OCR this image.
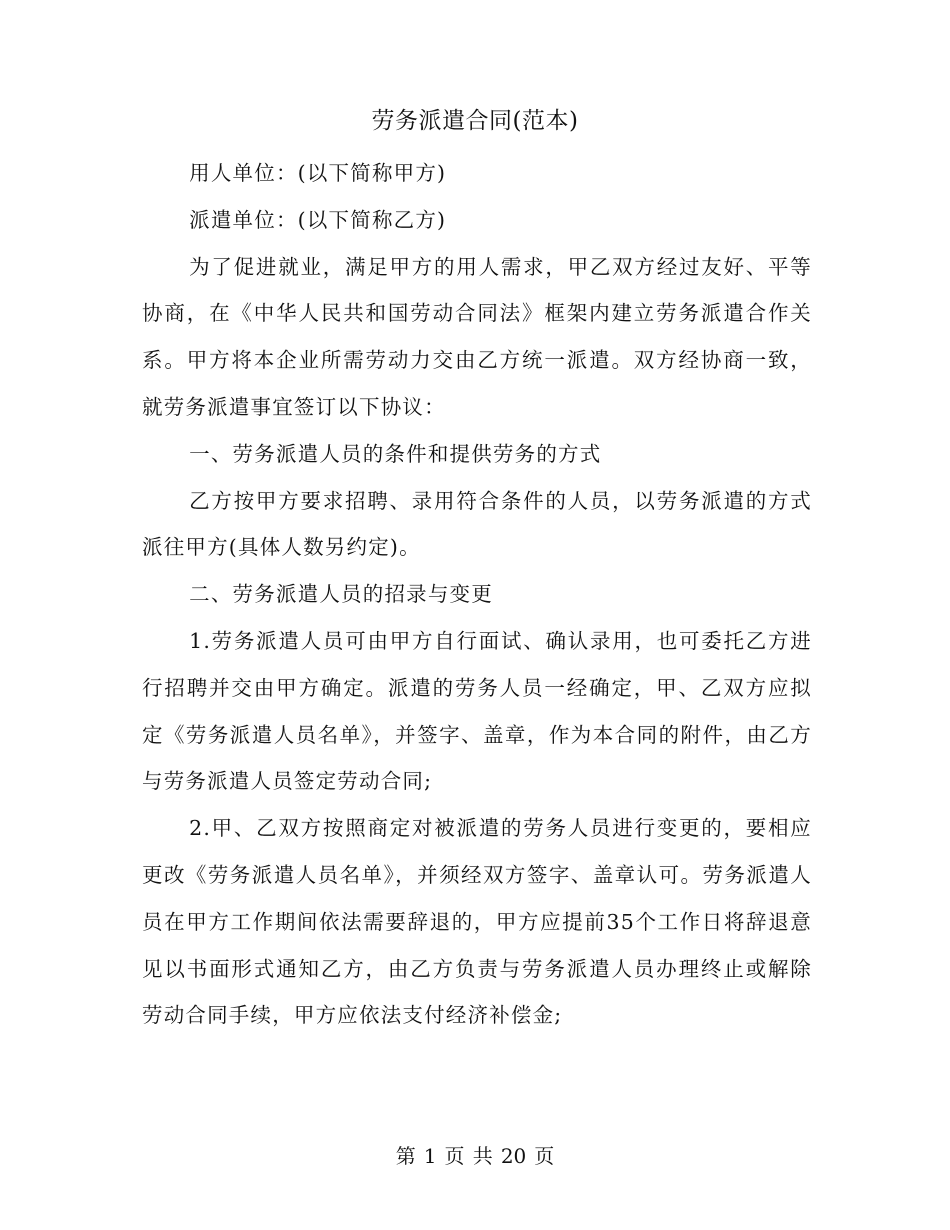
劳务派遣合同(范本)

用人单位：(以下简称甲方)

派遣单位：(以下简称乙方)

为了促进就业，满足甲方的用人需求，甲乙双方经过友好、平等协商，在《中华人民共和国劳动合同法》框架内建立劳务派遣合作关系。甲方将本企业所需劳动力交由乙方统一派遣。双方经协商一致，就劳务派遣事宜签订以下协议：

一、劳务派遣人员的条件和提供劳务的方式

乙方按甲方要求招聘、录用符合条件的人员，以劳务派遣的方式派往甲方(具体人数另约定)。

二、劳务派遣人员的招录与变更

1.劳务派遣人员可由甲方自行面试、确认录用，也可委托乙方进行招聘并交由甲方确定。派遣的劳务人员一经确定，甲、乙双方应拟定《劳务派遣人员名单》，并签字、盖章，作为本合同的附件，由乙方与劳务派遣人员签定劳动合同;

2.甲、乙双方按照商定对被派遣的劳务人员进行变更的，要相应更改《劳务派遣人员名单》，并须经双方签字、盖章认可。劳务派遣人员在甲方工作期间依法需要辞退的，甲方应提前35个工作日将辞退意见以书面形式通知乙方，由乙方负责与劳务派遣人员办理终止或解除劳动合同手续，甲方应依法支付经济补偿金;

第 1 页 共 20 页
